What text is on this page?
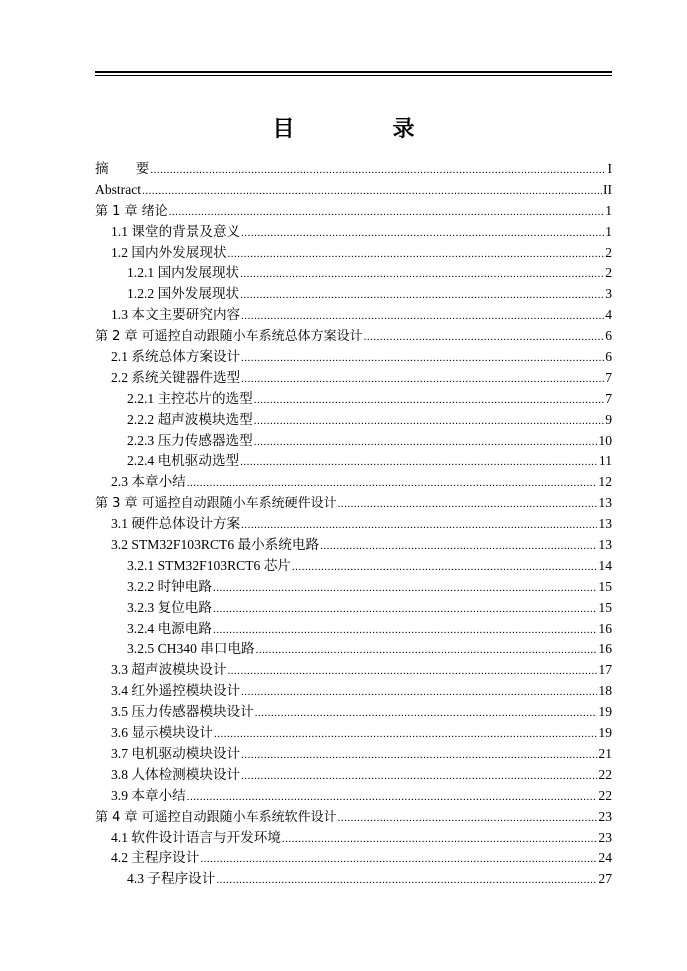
目　录
摘　　要 .....	I
Abstract .....	II
第 1 章 绪论 .....	1
1.1 课堂的背景及意义 .....	1
1.2 国内外发展现状 .....	2
1.2.1 国内发展现状 .....	2
1.2.2 国外发展现状 .....	3
1.3 本文主要研究内容 .....	4
第 2 章 可遥控自动跟随小车系统总体方案设计 .....	6
2.1 系统总体方案设计 .....	6
2.2 系统关键器件选型 .....	7
2.2.1 主控芯片的选型 .....	7
2.2.2 超声波模块选型 .....	9
2.2.3 压力传感器选型 .....	10
2.2.4 电机驱动选型 .....	11
2.3 本章小结 .....	12
第 3 章 可遥控自动跟随小车系统硬件设计 .....	13
3.1 硬件总体设计方案 .....	13
3.2 STM32F103RCT6 最小系统电路 .....	13
3.2.1 STM32F103RCT6 芯片 .....	14
3.2.2 时钟电路 .....	15
3.2.3 复位电路 .....	15
3.2.4 电源电路 .....	16
3.2.5 CH340 串口电路 .....	16
3.3 超声波模块设计 .....	17
3.4 红外遥控模块设计 .....	18
3.5 压力传感器模块设计 .....	19
3.6 显示模块设计 .....	19
3.7 电机驱动模块设计 .....	21
3.8 人体检测模块设计 .....	22
3.9 本章小结 .....	22
第 4 章 可遥控自动跟随小车系统软件设计 .....	23
4.1 软件设计语言与开发环境 .....	23
4.2 主程序设计 .....	24
4.3 子程序设计 .....	27
